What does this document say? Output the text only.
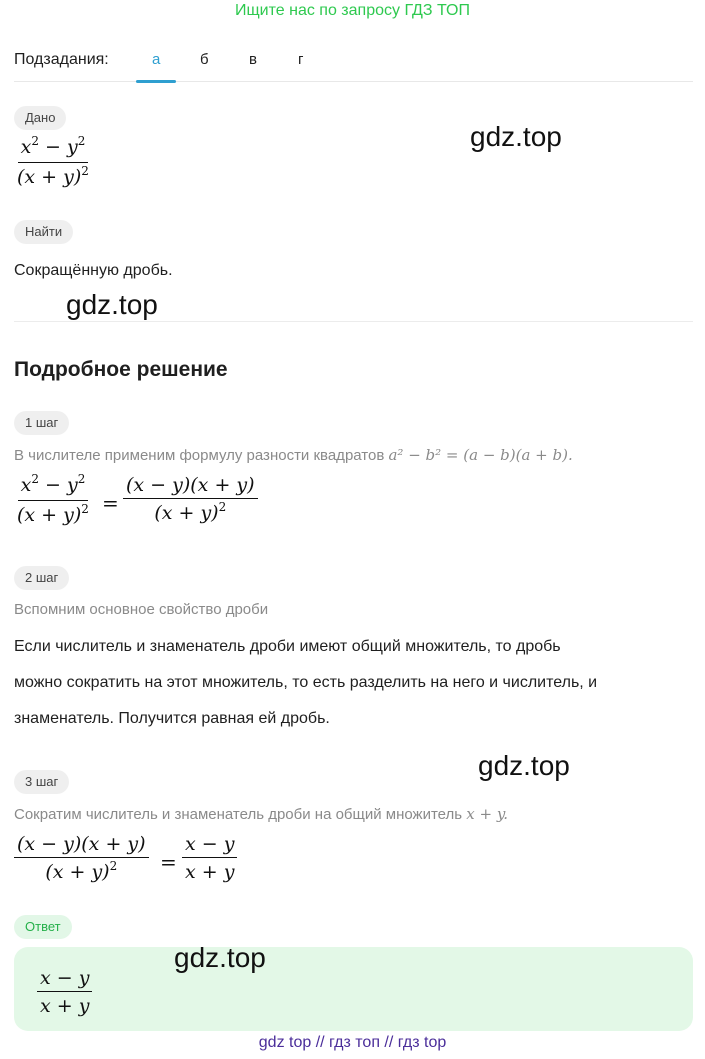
Ищите нас по запросу ГДЗ ТОП
Подзадания:	а	б	в	г
Дано
$\frac{x^2 - y^2}{(x + y)^2}$	gdz.top
Найти
Сокращённую дробь.
gdz.top
Подробное решение
1 шаг
В числителе применим формулу разности квадратов a² − b² = (a − b)(a + b).
$\frac{x^2 - y^2}{(x + y)^2} = \frac{(x - y)(x + y)}{(x + y)^2}$
2 шаг
Вспомним основное свойство дроби
Если числитель и знаменатель дроби имеют общий множитель, то дробь
можно сократить на этот множитель, то есть разделить на него и числитель, и
знаменатель. Получится равная ей дробь.
gdz.top
3 шаг
Сократим числитель и знаменатель дроби на общий множитель x + y.
$\frac{(x - y)(x + y)}{(x + y)^2} = \frac{x - y}{x + y}$
Ответ
$\frac{x - y}{x + y}$
gdz.top
gdz top // гдз топ // гдз top
